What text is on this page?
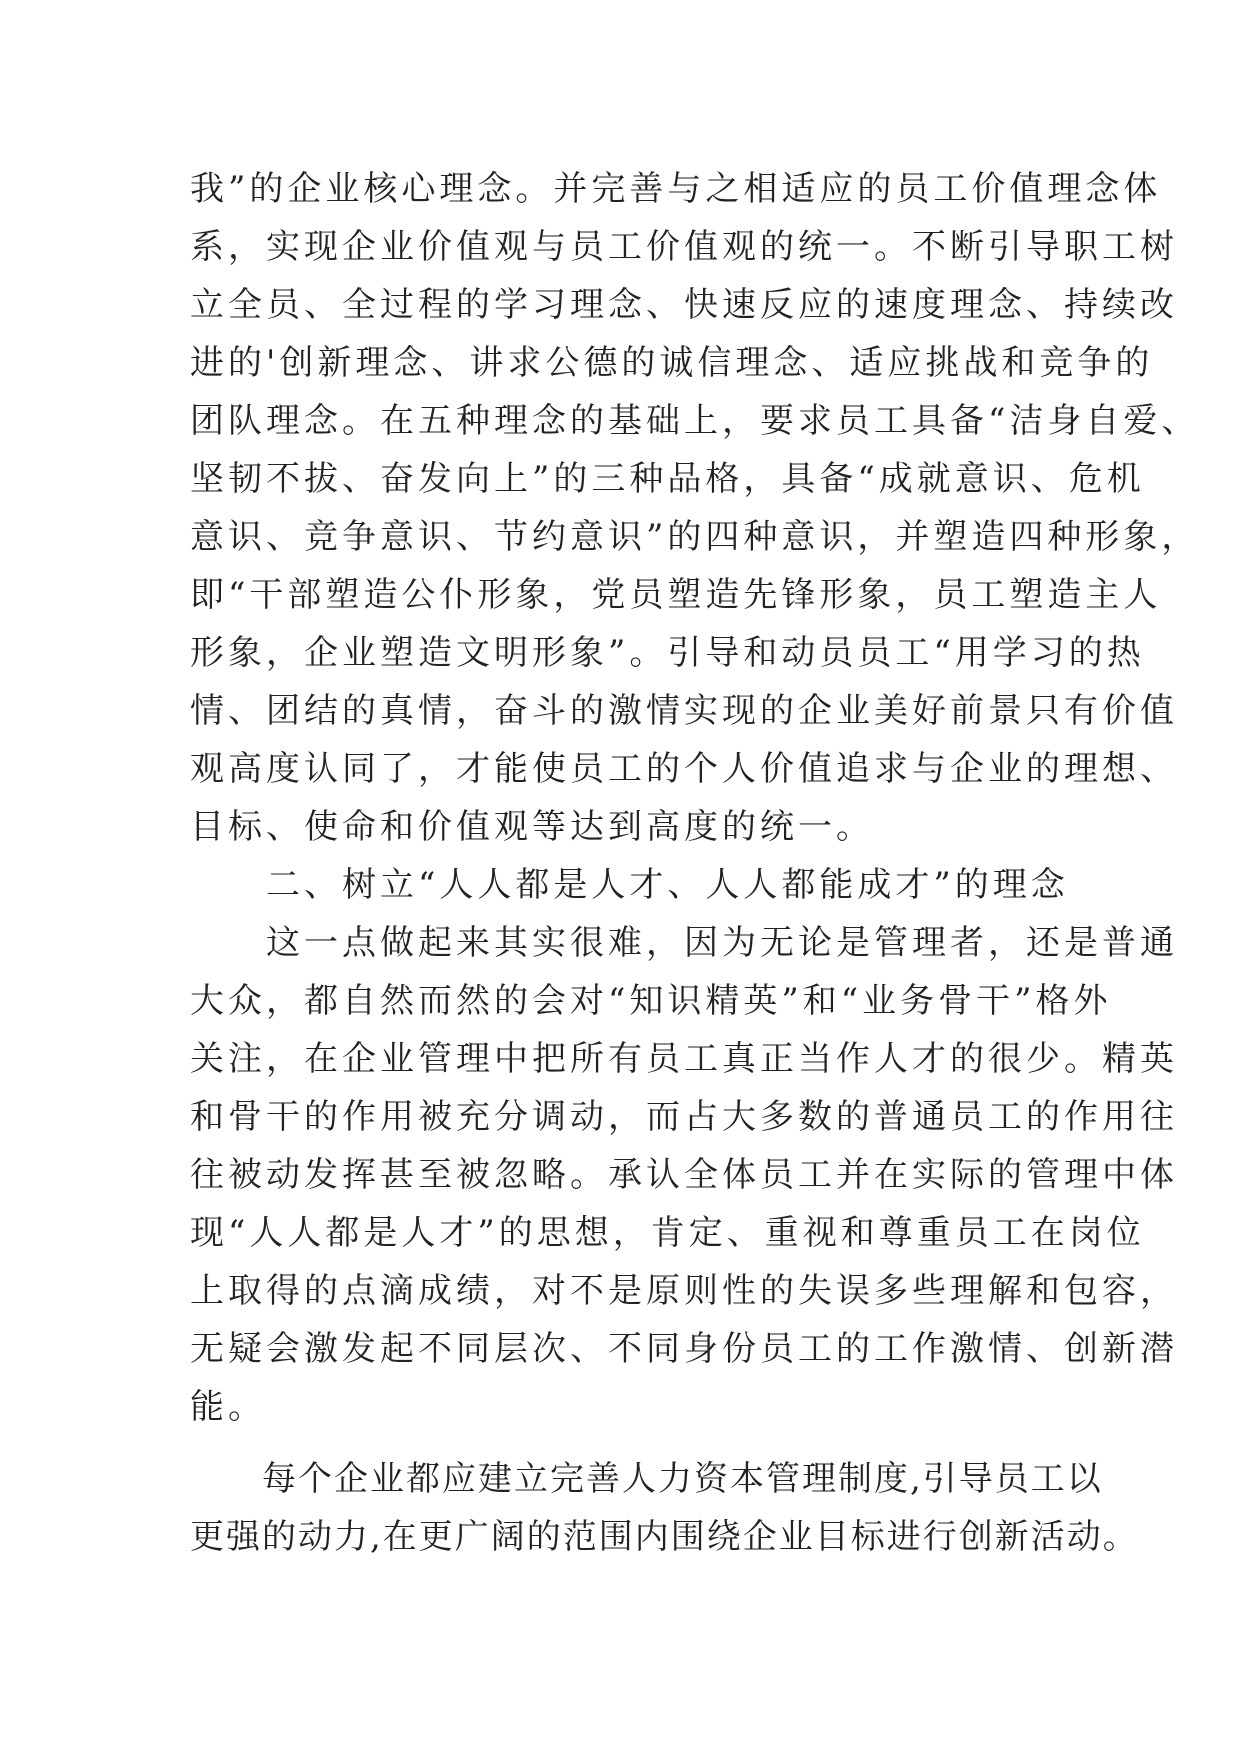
我”的企业核心理念。并完善与之相适应的员工价值理念体
系，实现企业价值观与员工价值观的统一。不断引导职工树
立全员、全过程的学习理念、快速反应的速度理念、持续改
进的'创新理念、讲求公德的诚信理念、适应挑战和竞争的
团队理念。在五种理念的基础上，要求员工具备“洁身自爱、
坚韧不拔、奋发向上”的三种品格，具备“成就意识、危机
意识、竞争意识、节约意识”的四种意识，并塑造四种形象，
即“干部塑造公仆形象，党员塑造先锋形象，员工塑造主人
形象，企业塑造文明形象”。引导和动员员工“用学习的热
情、团结的真情，奋斗的激情实现的企业美好前景只有价值
观高度认同了，才能使员工的个人价值追求与企业的理想、
目标、使命和价值观等达到高度的统一。
　　二、树立“人人都是人才、人人都能成才”的理念
　　这一点做起来其实很难，因为无论是管理者，还是普通
大众，都自然而然的会对“知识精英”和“业务骨干”格外
关注，在企业管理中把所有员工真正当作人才的很少。精英
和骨干的作用被充分调动，而占大多数的普通员工的作用往
往被动发挥甚至被忽略。承认全体员工并在实际的管理中体
现“人人都是人才”的思想，肯定、重视和尊重员工在岗位
上取得的点滴成绩，对不是原则性的失误多些理解和包容，
无疑会激发起不同层次、不同身份员工的工作激情、创新潜
能。
　　每个企业都应建立完善人力资本管理制度,引导员工以
更强的动力,在更广阔的范围内围绕企业目标进行创新活动。
